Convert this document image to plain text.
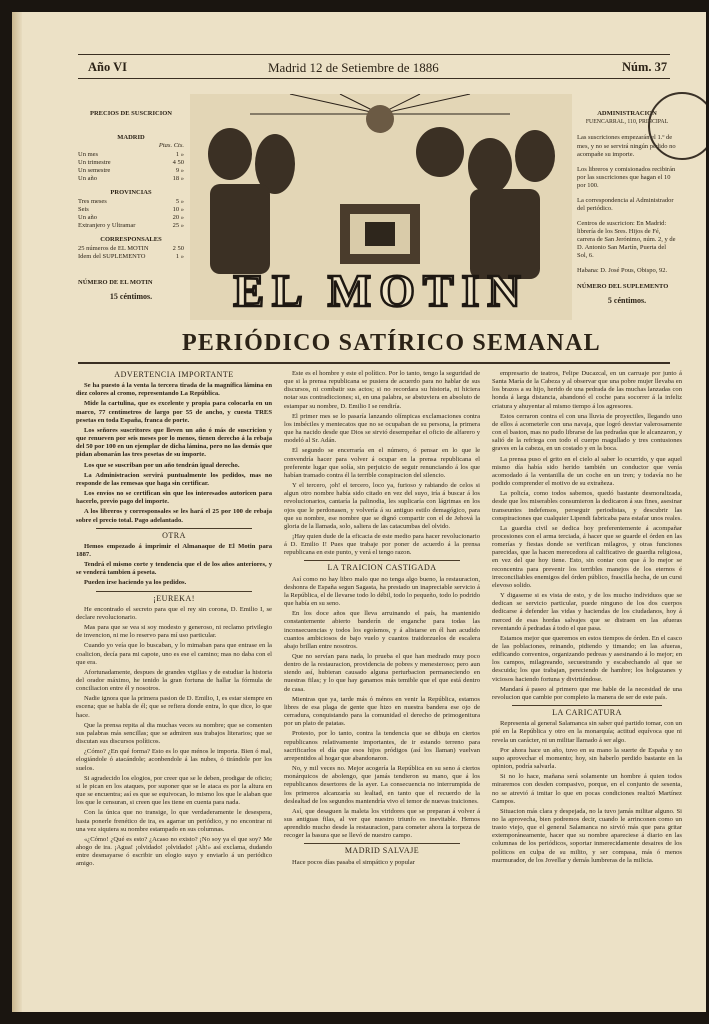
Año VI	Madrid 12 de Setiembre de 1886	Núm. 37
PRECIOS DE SUSCRICION
MADRID
Ptas. Cts.
Un mes	1 »
Un trimestre	4 50
Un semestre	9 »
Un año	18 »
PROVINCIAS
Tres meses	5 »
Seis	10 »
Un año	20 »
Extranjero y Ultramar	25 »
CORRESPONSALES
25 números de EL MOTIN	2 50
Idem del SUPLEMENTO	1 »
NÚMERO DE EL MOTIN
15 céntimos.	EL MOTIN
ADMINISTRACION
FUENCARRAL, 110, PRINCIPAL

Las suscriciones empezarán el 1.º de mes, y no se servirá ningún pedido no acompañe su importe.

Los libreros y comisionados recibirán por las suscriciones que hagan el 10 por 100.

La correspondencia al Administrador del periódico.

Centros de suscricion: En Madrid: librería de los Sres. Hijos de Fé, carrera de San Jerónimo, núm. 2, y de D. Antonio San Martín, Puerta del Sol, 6.

Habana: D. José Pous, Obispo, 92.

NÚMERO DEL SUPLEMENTO
5 céntimos.
PERIÓDICO SATÍRICO SEMANAL
ADVERTENCIA IMPORTANTE

Se ha puesto á la venta la tercera tirada de la magnífica lámina en diez colores al cromo, representando La República.

Mide la cartulina, que es excelente y propia para colocarla en un marco, 77 centímetros de largo por 55 de ancho, y cuesta TRES pesetas en toda España, franca de porte.

Los señores suscritores que lleven un año ó más de suscricion y que renueven por seis meses por lo menos, tienen derecho á la rebaja del 50 por 100 en un ejemplar de dicha lámina, pero no las demás que pidan abonarán las tres pesetas de su importe.

Los que se suscriban por un año tendrán igual derecho.

La Administracion servirá puntualmente los pedidos, mas no responde de las remesas que haga sin certificar.

Los envíos no se certifican sin que los interesados autoricen para hacerlo, previo pago del importe.

A los libreros y corresponsales se les hará el 25 por 100 de rebaja sobre el precio total. Pago adelantado.

OTRA

Hemos empezado á imprimir el Almanaque de El Motin para 1887.

Tendrá el mismo corte y tendencia que el de los años anteriores, y se venderá tambien á peseta.

Pueden irse haciendo ya los pedidos.

¡EUREKA!

He encontrado el secreto para que el rey sin corona, D. Emilio I, se declare revolucionario.

Mas para que se vea si soy modesto y generoso, ni reclamo privilegio de invencion, ni me lo reservo para mí uso particular.

Cuando yo veía que lo buscaban, y lo mimaban para que entrase en la coalicion, decía para mi capote, uno es ese el camino; mas no daba con el que era.

Afortunadamente, despues de grandes vigilias y de estudiar la historia del orador máximo, he tenido la gran fortuna de hallar la fórmula de conciliacion entre él y nosotros.

Nadie ignora que la primera pasion de D. Emilio, I, es estar siempre en escena; que se habla de él; que se refiera donde entra, lo que dice, lo que hace.

Que la prensa repita al dia muchas veces su nombre; que se comenten sus palabras más sencillas; que se admiren sus trabajos literarios; que se discutan sus discursos políticos.

¿Cómo? ¿En qué forma? Esto es lo que ménos le importa. Bien ó mal, elogiándole ó atacándole; aconbendole á las nubes, ó tirándole por los suelos.

Si agradecido los elogios, por creer que se le deben, prodigar de oficio; si le pican en los ataques, por suponer que se le ataca es por la altura en que se encuentra; así es que se equivocan, lo mismo los que le alaban que los que le censuran, si creen que les tiene en cuenta para nada.

Con la única que no transige, lo que verdaderamente le desespera, hasta ponerle frenético de ira, es agarrar un periódico, y no encontrar ni una vez siquiera su nombre estampado en sus columnas.

«¿Cómo! ¿Qué es esto? ¿Acaso no existo? ¡No soy ya el que soy? Me ahogo de ira. ¡Agua! ¡olvidado! ¡olvidado! ¡Ah!» así exclama, dudando entre desmayarse ó escribir un elogio suyo y enviarlo á un periódico amigo.

Este es el hombre y este el político. Por lo tanto, tengo la seguridad de que si la prensa republicana se pusiera de acuerdo para no hablar de sus discursos, ni combatir sus actos; si no recordara su historia, ni hiciera notar sus contradicciones; si, en una palabra, se abstuviera en absoluto de estampar su nombre, D. Emilio I se rendiría.

El primer mes se lo pasaría lanzando olímpicas exclamaciones contra los imbéciles y mentecatos que no se ocupaban de su persona, la primera que ha nacido desde que Dios se sirvió desempeñar el oficio de alfarero y modeló al Sr. Adán.

El segundo se encerraría en el número, ó pensar en lo que le convendría hacer para volver á ocupar en la prensa republicana el preferente lugar que solía, sin perjuicio de seguir renunciando á los que habían tramado contra él la terrible conspiracion del silencio.

Y el tercero, ¡oh! el tercero, loco ya, furioso y rabiando de celos si algun otro nombre había sido citado en vez del suyo, iría á buscar á los revolucionarios, cantaría la palinodia, les suplicaría con lágrimas en los ojos que le perdonasen, y volvería á su antiguo estilo demagógico, para que su nombre, ese nombre que se dignó compartir con el de Jehová la gloria de la llamada, solo, saliera de las catacumbas del olvido.

¡Hay quien dude de la eficacia de este medio para hacer revolucionario á D. Emilio I! Pues que trabaje por poner de acuerdo á la prensa republicana en este punto, y verá el tengo razon.

LA TRAICION CASTIGADA

Así como no hay libro malo que no tenga algo bueno, la restauracion, deshonra de España segun Sagasta, ha prestado un inapreciable servicio á la República, el de llevarse todo lo débil, todo lo pequeño, todo lo podrido que había en su seno.

En los doce años que lleva arruinando el país, ha mantenido constantemente abierto banderín de enganche para todas las inconsecuencias y todos los egoísmos, y á alistarse en él han acudido cuantos ambiciosos de bajo vuelo y cuantos traidorzuelos de escalera abajo brillan entre nosotros.

Que no servían para nada, lo prueba el que han medrado muy poco dentro de la restauracion, providencia de pobres y menesteroso; pero aun siendo así, hubieran causado alguna perturbacion permaneciendo en nuestras filas; y lo que hay ganamos más temible que el que está dentro de casa.

Mientras que ya, tarde más ó ménos en venir la República, estamos libres de esa plaga de gente que hizo en nuestra bandera ese ojo de cerradura, conquistando para la comunidad el derecho de primogenitura por un plato de patatas.

Protesto, por lo tanto, contra la tendencia que se dibuja en ciertos republicanos relativamente importantes, de ir estando terreno para sacrificarlos el día que esos hijos pródigos (así los llaman) vuelvan arrepentidos al hogar que abandonaron.

No, y mil veces no. Mejor acogería la República en su seno á ciertos monárquicos de abolengo, que jamás tendieron su mano, que á los republicanos desertores de la ayer. La consecuencia no interrumpida de los primeros alcanzaría su lealtad, en tanto que el recuerdo de la deslealtad de los segundos mantendría vivo el temor de nuevas traiciones.

Así, que desaguen la maleta los viridores que se preparan á volver á sus antiguas filas, al ver que nuestro triunfo es inevitable. Hemos aprendido mucho desde la restauracion, para cometer ahora la torpeza de recoger la basura que se llevó de nuestro campo.

MADRID SALVAJE

Hace pocos días pasaba el simpático y popular

empresario de teatros, Felipe Ducazcal, en un carruaje por junto á Santa María de la Cabeza y al observar que una pobre mujer llevaba en los brazos a su hijo, herido de una pedrada de las muchas lanzadas con honda á larga distancia, abandonó el coche para socorrer á la infeliz criatura y ahuyentar al mismo tiempo á los agresores.

Estos cerraron contra el con una lluvia de proyectiles, llegando uno de ellos á acometerle con una navaja, que logró desviar valerosamente con el baston, mas no pudo librarse de las pedradas que le alcanzaron, y salió de la refriega con todo el cuerpo magullado y tres contusiones graves en la cabeza, en un costado y en la boca.

La prensa puso el grito en el cielo al saber lo ocurrido, y que aquel mismo día había sido herido también un conductor que venía acomodado á la ventanilla de un coche en un tren; y todavía no he podido comprender el motivo de su extrañeza.

La policía, como todos sabemos, quedó bastante desmoralizada, desde que los miserables consumieron la dedicaron á sus fines, asesinar transeuntes indefensos, perseguir periodistas, y descubrir las conspiraciones que cualquier Lipendi fabricaba para estafar unos reales.

La guardia civil se dedica hoy preferentemente á acompañar procesiones con el arma terciada, á hacer que se guarde el órden en las romerías y fiestas donde se verifican milagros, y otras funciones parecidas, que la hacen merecedora al calificativo de guardia religiosa, en vez del que hoy tiene. Esto, sin contar con que á lo mejor se reconcentra para prevenir los terribles manejos de los eternos é irreconciliables enemigos del órden público, frascilla hecha, de un cursi elevoso solido.

Y digaseme si es vista de esto, y de los mucho individuos que se dedican se servicio particular, puede ninguno de los dos cuerpos dedicarse á defender las vidas y haciendas de los ciudadanos, hoy á merced de esas hordas salvajes que se distraen en las afueras reventando á pedradas á todo el que pasa.

Estamos mejor que queremos en estos tiempos de órden. En el casco de las poblaciones, reinando, pidiendo y timando; en las afueras, edificando conventos, organizando pedreas y asesinando á lo mejor; en los campos, milagreando, secuestrando y escabechando al que se descuida; los que trabajan, pereciendo de hambre; los holgazanes y viciosos haciendo fortuna y divirtiéndose.

Mandará á paseo al primero que me hable de la necesidad de una revolucion que cambie por completo la manera de ser de este país.

LA CARICATURA

Representa al general Salamanca sin saber qué partido tomar, con un pié en la República y otro en la monarquía; actitud equívoca que ni revela un carácter, ni un militar llamado á ser algo.

Por ahora hace un año, tuvo en su mano la suerte de España y no supo aprovechar el momento; hoy, sin haberlo perdido bastante en la opinion, podría salvarla.

Si no lo hace, mañana será solamente un hombre á quien todos miraremos con desden compasivo, porque, en el conjunto de sesenta, no se atrevió á imitar lo que en pocas condiciones realizó Martínez Campos.

Situacion más clara y despejada, no la tuvo jamás militar alguno. Si no la aprovecha, bien podremos decir, cuando le arrinconen como un trasto viejo, que el general Salamanca no sirvió más que para gritar extemporáneamente, hacer que su nombre apareciese á diario en las columnas de los periódicos, soportar inmerecidamente desaires de los políticos en culpa de su milito, y ser compasa, más ó menos murmurador, de los Jovellar y demás lumbreras de la milicia.
